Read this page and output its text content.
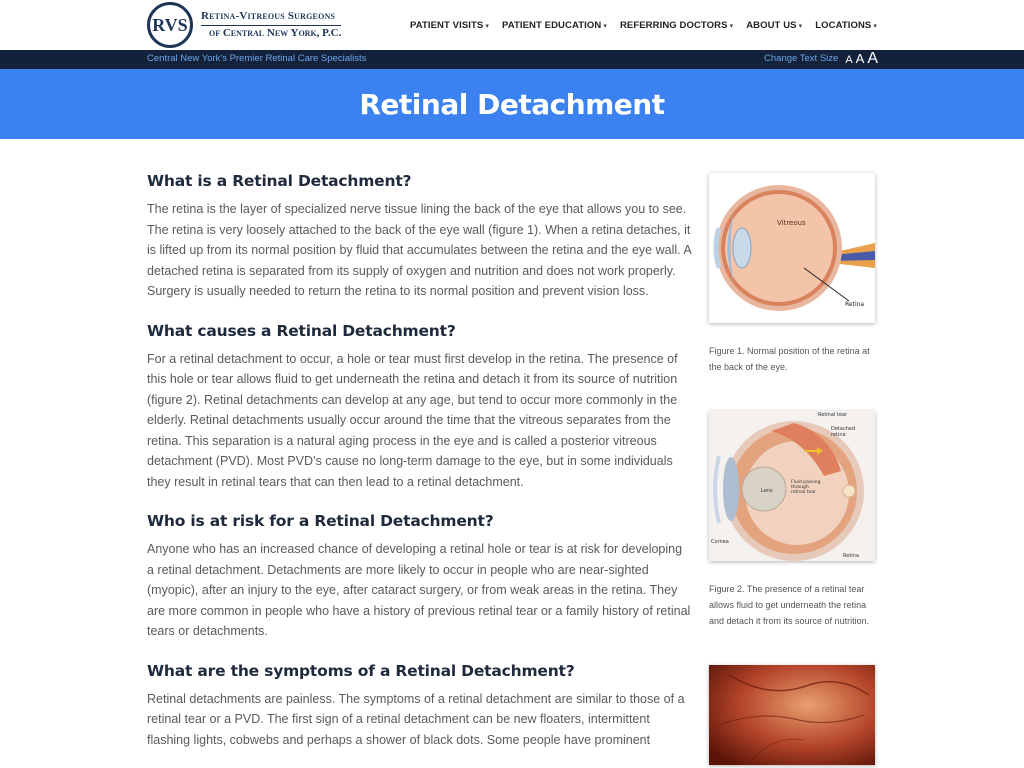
RVS	Retina-Vitreous Surgeons
of Central New York, P.C.
PATIENT VISITS ▾ PATIENT EDUCATION ▾ REFERRING DOCTORS ▾ ABOUT US ▾ LOCATIONS ▾
Central New York's Premier Retinal Care Specialists	Change Text Size A A A
Retinal Detachment
What is a Retinal Detachment?

The retina is the layer of specialized nerve tissue lining the back of the eye that allows you to see. The retina is very loosely attached to the back of the eye wall (figure 1). When a retina detaches, it is lifted up from its normal position by fluid that accumulates between the retina and the eye wall. A detached retina is separated from its supply of oxygen and nutrition and does not work properly. Surgery is usually needed to return the retina to its normal position and prevent vision loss.

What causes a Retinal Detachment?

For a retinal detachment to occur, a hole or tear must first develop in the retina. The presence of this hole or tear allows fluid to get underneath the retina and detach it from its source of nutrition (figure 2). Retinal detachments can develop at any age, but tend to occur more commonly in the elderly. Retinal detachments usually occur around the time that the vitreous separates from the retina. This separation is a natural aging process in the eye and is called a posterior vitreous detachment (PVD). Most PVD’s cause no long-term damage to the eye, but in some individuals they result in retinal tears that can then lead to a retinal detachment.

Who is at risk for a Retinal Detachment?

Anyone who has an increased chance of developing a retinal hole or tear is at risk for developing a retinal detachment. Detachments are more likely to occur in people who are near-sighted (myopic), after an injury to the eye, after cataract surgery, or from weak areas in the retina. They are more common in people who have a history of previous retinal tear or a family history of retinal tears or detachments.

What are the symptoms of a Retinal Detachment?

Retinal detachments are painless. The symptoms of a retinal detachment are similar to those of a retinal tear or a PVD. The first sign of a retinal detachment can be new floaters, intermittent flashing lights, cobwebs and perhaps a shower of black dots. Some people have prominent

Vitreous
Retina
Figure 1. Normal position of the retina at the back of the eye.
Retinal tear
Detached
retina
Lens
Fluid passing
through
retinal tear
Cornea
Retina
Figure 2. The presence of a retinal tear allows fluid to get underneath the retina and detach it from its source of nutrition.
